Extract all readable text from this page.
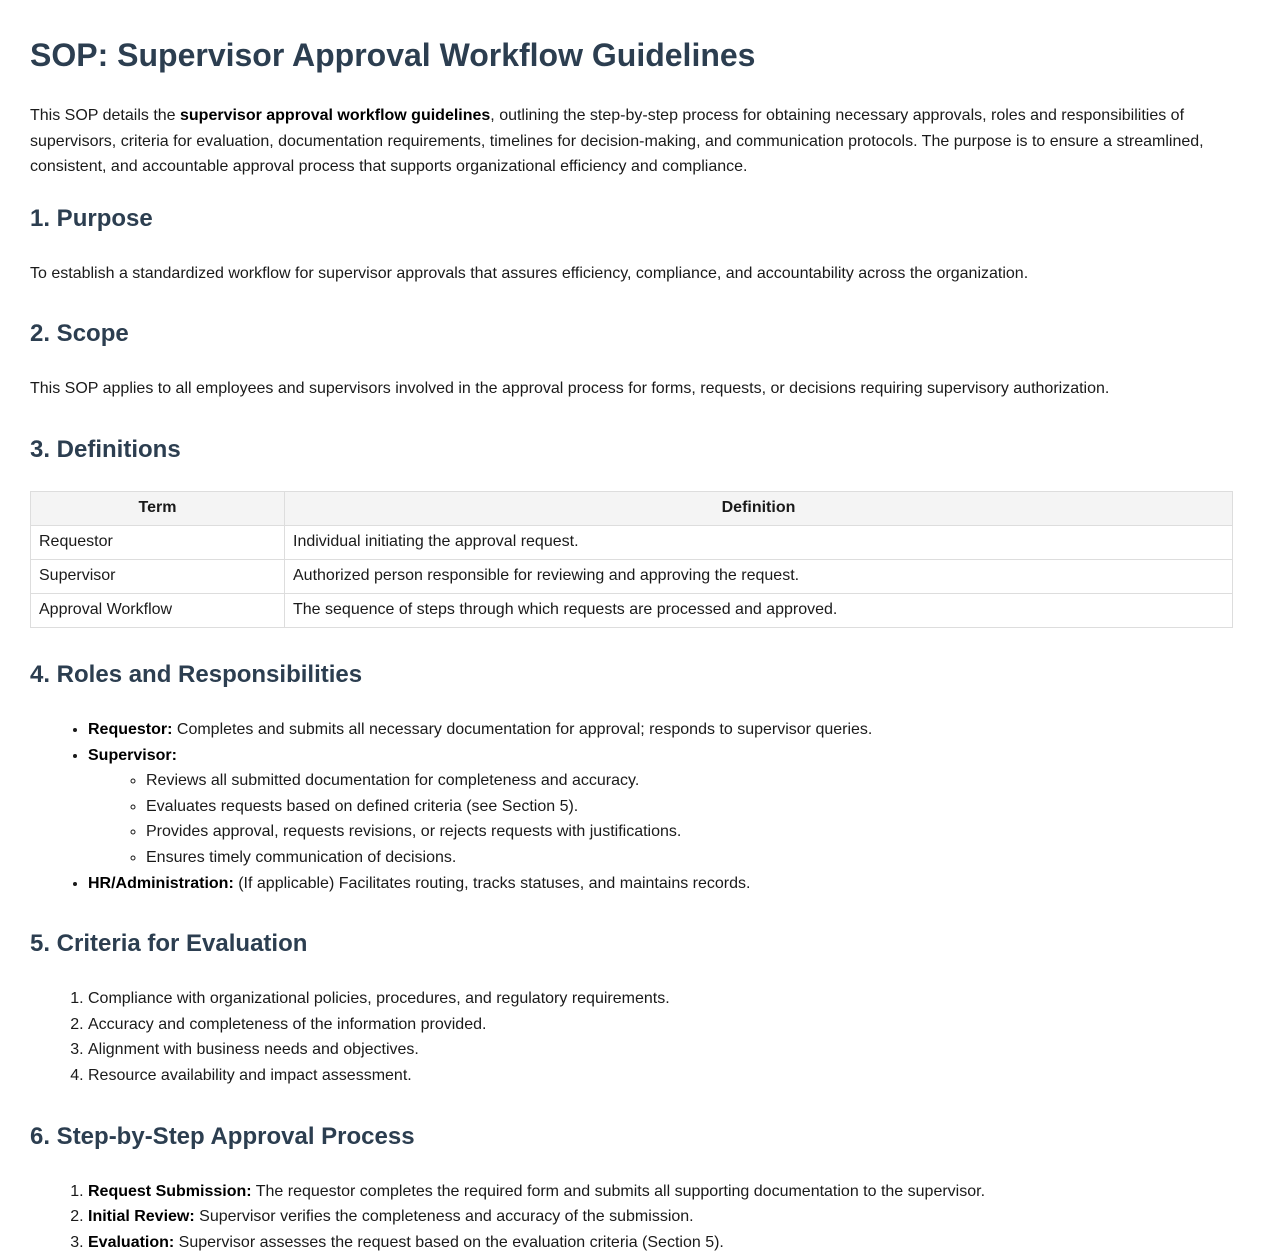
SOP: Supervisor Approval Workflow Guidelines

This SOP details the supervisor approval workflow guidelines, outlining the step-by-step process for obtaining necessary approvals, roles and responsibilities of supervisors, criteria for evaluation, documentation requirements, timelines for decision-making, and communication protocols. The purpose is to ensure a streamlined, consistent, and accountable approval process that supports organizational efficiency and compliance.

1. Purpose

To establish a standardized workflow for supervisor approvals that assures efficiency, compliance, and accountability across the organization.

2. Scope

This SOP applies to all employees and supervisors involved in the approval process for forms, requests, or decisions requiring supervisory authorization.

3. Definitions
Term	Definition
Requestor	Individual initiating the approval request.
Supervisor	Authorized person responsible for reviewing and approving the request.
Approval Workflow	The sequence of steps through which requests are processed and approved.
4. Roles and Responsibilities
• Requestor: Completes and submits all necessary documentation for approval; responds to supervisor queries.
• Supervisor:
◦ Reviews all submitted documentation for completeness and accuracy.
◦ Evaluates requests based on defined criteria (see Section 5).
◦ Provides approval, requests revisions, or rejects requests with justifications.
◦ Ensures timely communication of decisions.
• HR/Administration: (If applicable) Facilitates routing, tracks statuses, and maintains records.
5. Criteria for Evaluation
1. Compliance with organizational policies, procedures, and regulatory requirements.
2. Accuracy and completeness of the information provided.
3. Alignment with business needs and objectives.
4. Resource availability and impact assessment.
6. Step-by-Step Approval Process
1. Request Submission: The requestor completes the required form and submits all supporting documentation to the supervisor.
2. Initial Review: Supervisor verifies the completeness and accuracy of the submission.
3. Evaluation: Supervisor assesses the request based on the evaluation criteria (Section 5).
